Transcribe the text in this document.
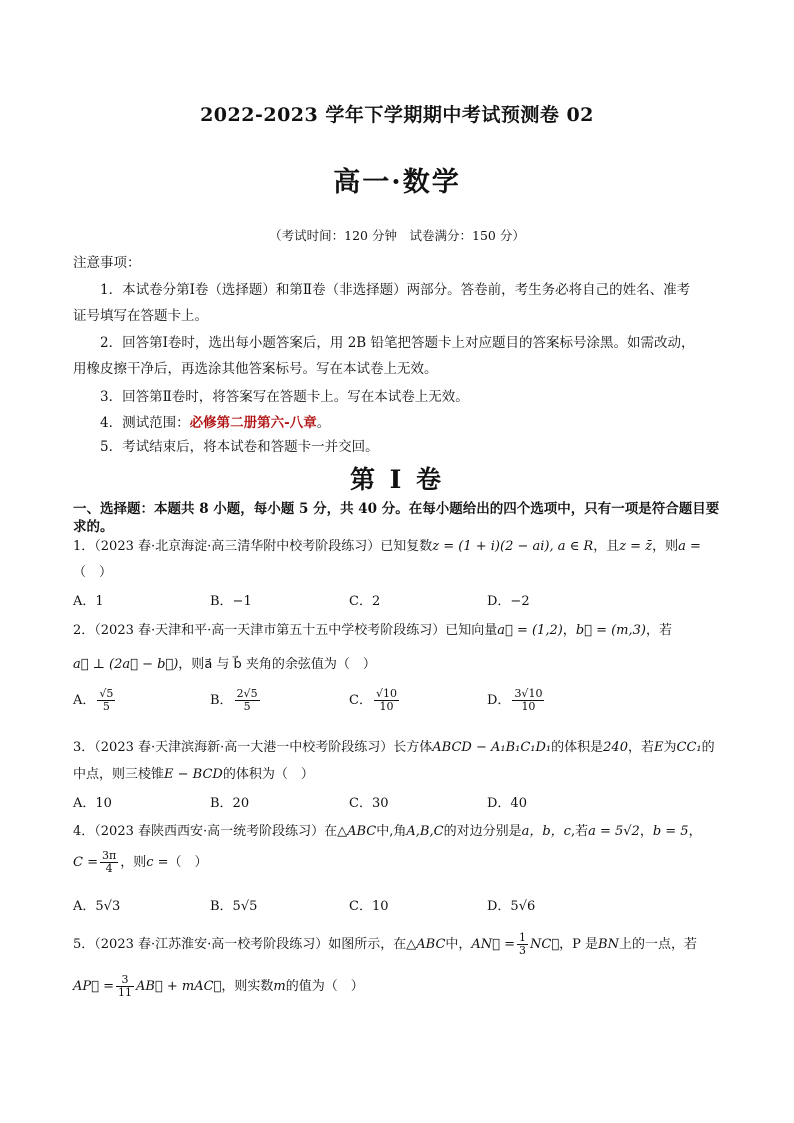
2022-2023 学年下学期期中考试预测卷 02
高一·数学
（考试时间：120 分钟　试卷满分：150 分）
注意事项：
1．本试卷分第Ⅰ卷（选择题）和第Ⅱ卷（非选择题）两部分。答卷前，考生务必将自己的姓名、准考
证号填写在答题卡上。
2．回答第Ⅰ卷时，选出每小题答案后，用 2B 铅笔把答题卡上对应题目的答案标号涂黑。如需改动，
用橡皮擦干净后，再选涂其他答案标号。写在本试卷上无效。
3．回答第Ⅱ卷时，将答案写在答题卡上。写在本试卷上无效。
4．测试范围：必修第二册第六-八章。
5．考试结束后，将本试卷和答题卡一并交回。
第 I 卷
一、选择题：本题共 8 小题，每小题 5 分，共 40 分。在每小题给出的四个选项中，只有一项是符合题目要
求的。
1．（2023 春·北京海淀·高三清华附中校考阶段练习）已知复数z = (1 + i)(2 − ai), a ∈ R，且z = z̄，则a =
（　）
A．1	B．−1	C．2	D．−2
2．（2023 春·天津和平·高一天津市第五十五中学校考阶段练习）已知向量a⃗ = (1,2)，b⃗ = (m,3)，若
a⃗ ⊥ (2a⃗ − b⃗)，则a⃗ 与 b⃗ 夹角的余弦值为（　）
A． $\frac{√5}{5}$	B． $\frac{2√5}{5}$	C． $\frac{√10}{10}$	D． $\frac{3√10}{10}$
3．（2023 春·天津滨海新·高一大港一中校考阶段练习）长方体ABCD − A₁B₁C₁D₁的体积是240，若E为CC₁的
中点，则三棱锥E − BCD的体积为（　）
A．10	B．20	C．30	D．40
4．（2023 春陕西西安·高一统考阶段练习）在△ABC中,角A,B,C的对边分别是a，b，c,若a = 5√2，b = 5，
$C = \frac{3\pi}{4}$ ，则c =（　）
A．5√3	B．5√5	C．10	D．5√6
5．（2023 春·江苏淮安·高一校考阶段练习）如图所示，在△ABC中，AN⃗ = $\frac{1}{3}$ NC⃗，P 是BN上的一点，若
AP⃗ = $\frac{3}{11}$ AB⃗ + mAC⃗，则实数m的值为（　）
